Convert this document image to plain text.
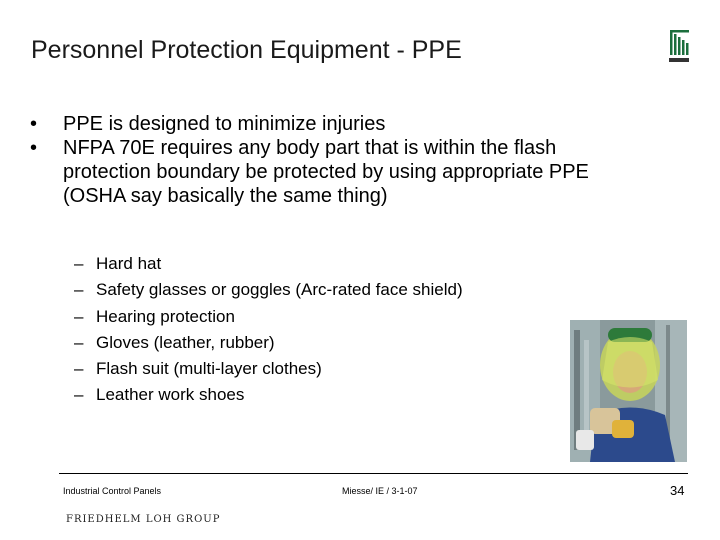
Personnel Protection Equipment - PPE
•	PPE is designed to minimize injuries
•	NFPA 70E requires any body part that is within the flash protection boundary be protected by using appropriate PPE (OSHA say basically the same thing)
– Hard hat
– Safety glasses or goggles (Arc-rated face shield)
– Hearing protection
– Gloves (leather, rubber)
– Flash suit (multi-layer clothes)
– Leather work shoes
Industrial Control Panels	Miesse/ IE / 3-1-07	34
FRIEDHELM LOH GROUP
